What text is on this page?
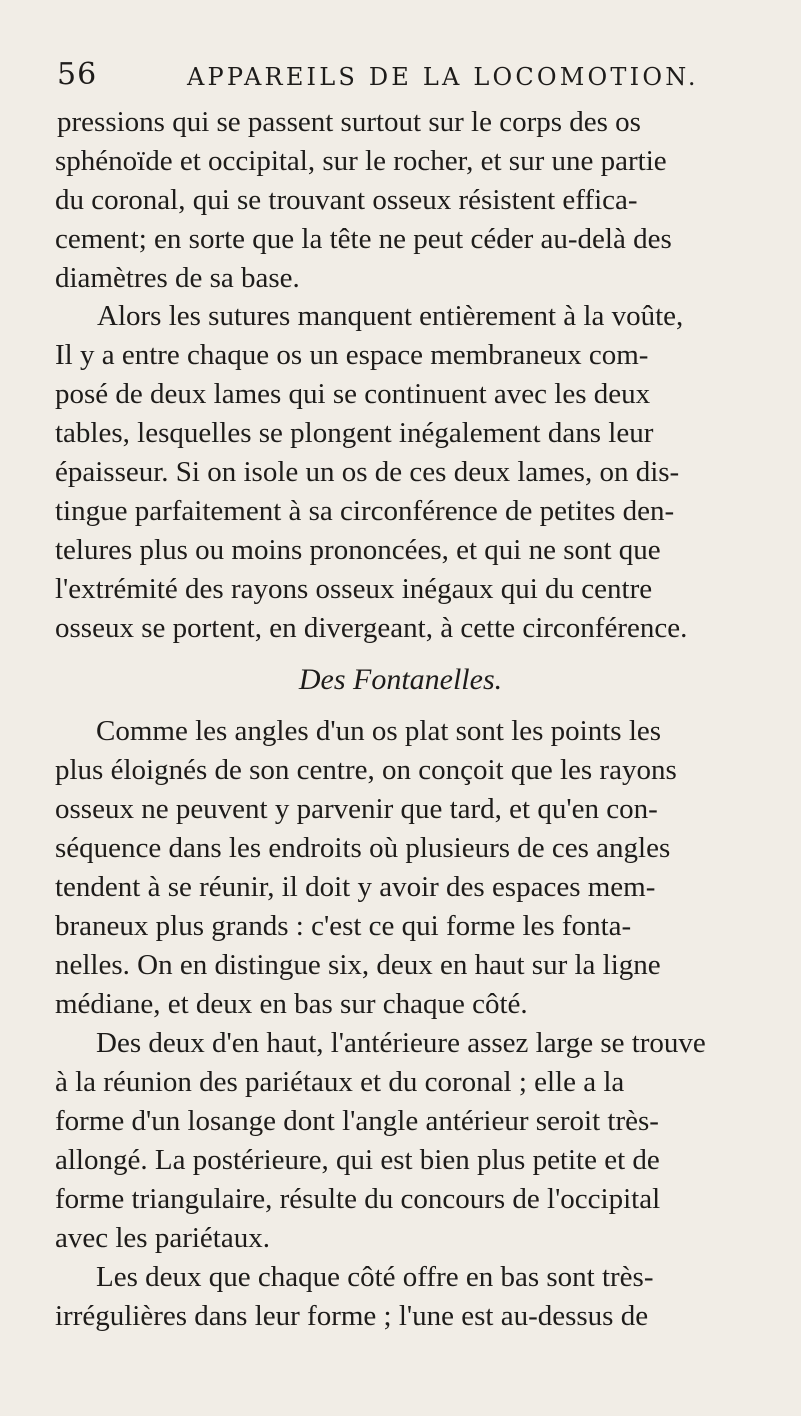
56	APPAREILS DE LA LOCOMOTION.
pressions qui se passent surtout sur le corps des os
sphénoïde et occipital, sur le rocher, et sur une partie
du coronal, qui se trouvant osseux résistent effica-
cement; en sorte que la tête ne peut céder au-delà des
diamètres de sa base.
Alors les sutures manquent entièrement à la voûte,
Il y a entre chaque os un espace membraneux com-
posé de deux lames qui se continuent avec les deux
tables, lesquelles se plongent inégalement dans leur
épaisseur. Si on isole un os de ces deux lames, on dis-
tingue parfaitement à sa circonférence de petites den-
telures plus ou moins prononcées, et qui ne sont que
l'extrémité des rayons osseux inégaux qui du centre
osseux se portent, en divergeant, à cette circonférence.
Des Fontanelles.
Comme les angles d'un os plat sont les points les
plus éloignés de son centre, on conçoit que les rayons
osseux ne peuvent y parvenir que tard, et qu'en con-
séquence dans les endroits où plusieurs de ces angles
tendent à se réunir, il doit y avoir des espaces mem-
braneux plus grands : c'est ce qui forme les fonta-
nelles. On en distingue six, deux en haut sur la ligne
médiane, et deux en bas sur chaque côté.
Des deux d'en haut, l'antérieure assez large se trouve
à la réunion des pariétaux et du coronal ; elle a la
forme d'un losange dont l'angle antérieur seroit très-
allongé. La postérieure, qui est bien plus petite et de
forme triangulaire, résulte du concours de l'occipital
avec les pariétaux.
Les deux que chaque côté offre en bas sont très-
irrégulières dans leur forme ; l'une est au-dessus de
